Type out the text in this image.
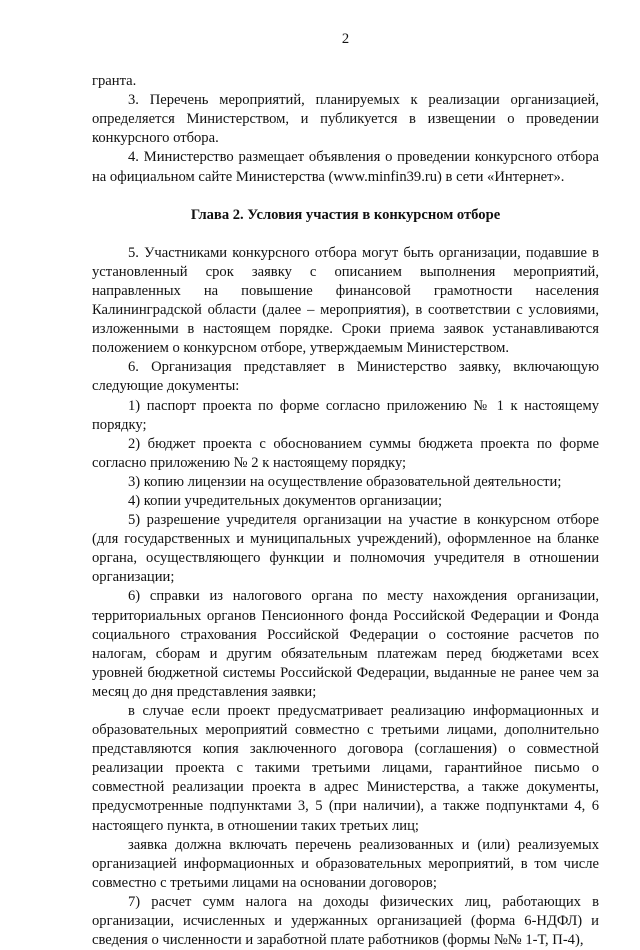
2

гранта.

3. Перечень мероприятий, планируемых к реализации организацией, определяется Министерством, и публикуется в извещении о проведении конкурсного отбора.

4. Министерство размещает объявления о проведении конкурсного отбора на официальном сайте Министерства (www.minfin39.ru) в сети «Интернет».

Глава 2. Условия участия в конкурсном отборе

5. Участниками конкурсного отбора могут быть организации, подавшие в установленный срок заявку с описанием выполнения мероприятий, направленных на повышение финансовой грамотности населения Калининградской области (далее – мероприятия), в соответствии с условиями, изложенными в настоящем порядке. Сроки приема заявок устанавливаются положением о конкурсном отборе, утверждаемым Министерством.

6. Организация представляет в Министерство заявку, включающую следующие документы:

1) паспорт проекта по форме согласно приложению № 1 к настоящему порядку;

2) бюджет проекта с обоснованием суммы бюджета проекта по форме согласно приложению № 2 к настоящему порядку;

3) копию лицензии на осуществление образовательной деятельности;

4) копии учредительных документов организации;

5) разрешение учредителя организации на участие в конкурсном отборе (для государственных и муниципальных учреждений), оформленное на бланке органа, осуществляющего функции и полномочия учредителя в отношении организации;

6) справки из налогового органа по месту нахождения организации, территориальных органов Пенсионного фонда Российской Федерации и Фонда социального страхования Российской Федерации о состояние расчетов по налогам, сборам и другим обязательным платежам перед бюджетами всех уровней бюджетной системы Российской Федерации, выданные не ранее чем за месяц до дня представления заявки;

в случае если проект предусматривает реализацию информационных и образовательных мероприятий совместно с третьими лицами, дополнительно представляются копия заключенного договора (соглашения) о совместной реализации проекта с такими третьими лицами, гарантийное письмо о совместной реализации проекта в адрес Министерства, а также документы, предусмотренные подпунктами 3, 5 (при наличии), а также подпунктами 4, 6 настоящего пункта, в отношении таких третьих лиц;

заявка должна включать перечень реализованных и (или) реализуемых организацией информационных и образовательных мероприятий, в том числе совместно с третьими лицами на основании договоров;

7) расчет сумм налога на доходы физических лиц, работающих в организации, исчисленных и удержанных организацией (форма 6-НДФЛ) и сведения о численности и заработной плате работников (формы №№ 1-Т, П-4),
